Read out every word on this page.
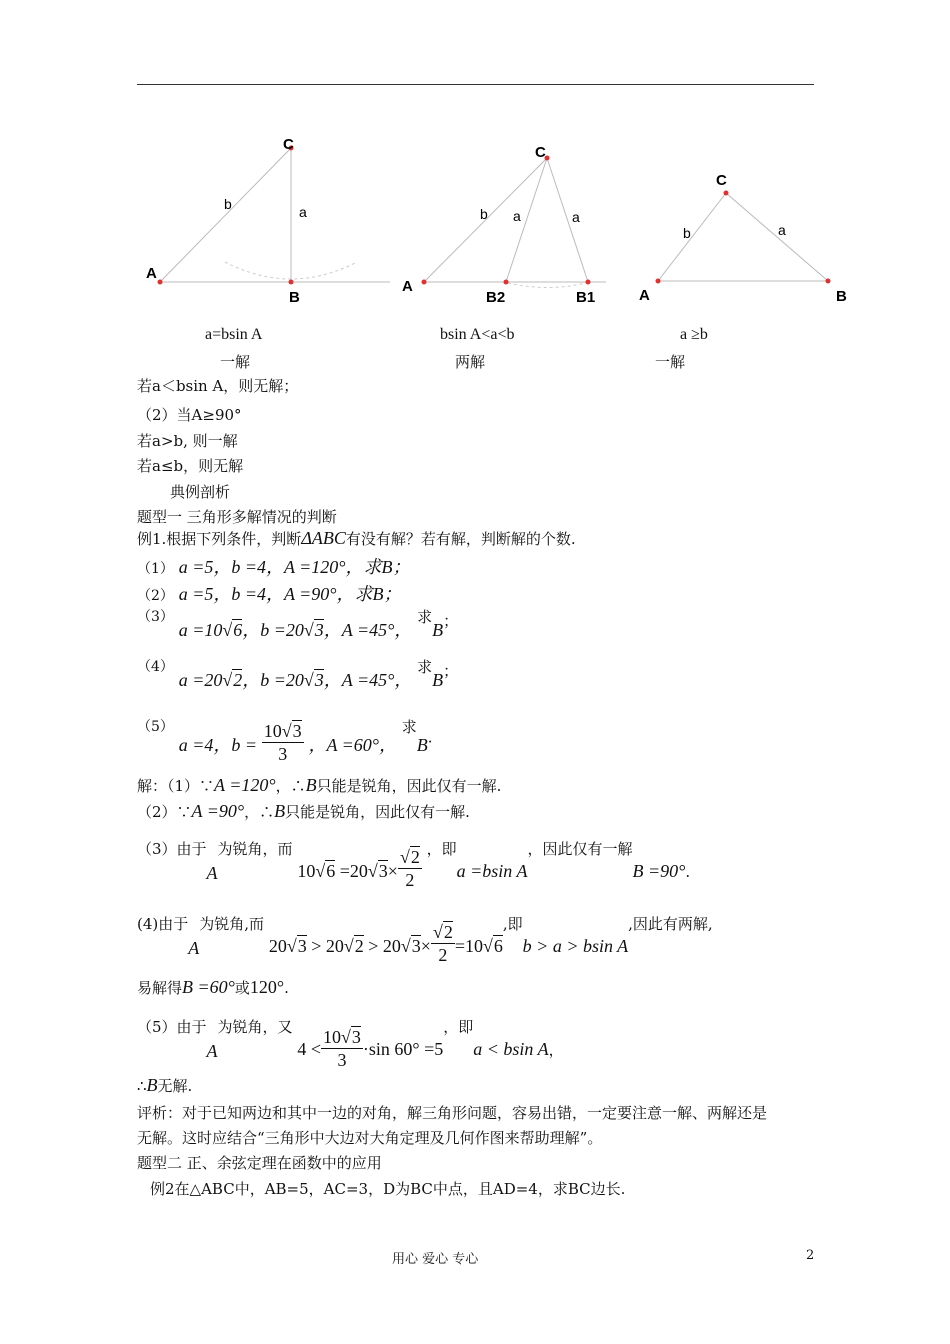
C
b	a
A
B
C
b a	a
A
B2	B1
C
b	a
A	B
a=bsin A
一解
bsin A<a<b
两解
a ≥b
一解
若a＜bsin A，则无解；
（2）当A≥90°
若a>b, 则一解
若a≤b，则无解
典例剖析
题型一 三角形多解情况的判断
例1.根据下列条件，判断ΔABC有没有解？若有解，判断解的个数.
（1） a =5，b =4，A =120°，求B；
（2） a =5，b =4，A =90°，求B；
（3） a =10√6，b =20√3，A =45°， 求B；
（4） a =20√2，b =20√3，A =45°， 求B；
（5） a =4，$b = \frac{10√3}{3}$ ，A =60°， 求B.
解：（1）∵A =120°，∴B只能是锐角，因此仅有一解.
（2）∵A =90°，∴B只能是锐角，因此仅有一解.
（3）由于A为锐角，而 $10√6 =20√3\times \frac{√2}{2}$ ，即a =bsin A，因此仅有一解B =90°.
(4)由于A为锐角,而 $20√3 > 20√2 > 20√3\times \frac{√2}{2} =10√6$,即b > a > bsin A,因此有两解,
易解得B =60°或120°.
（5）由于A为锐角，又 $4 < \frac{10√3}{3} \cdot\sin$ 60° =5，即a < bsin A，
∴B无解.
评析：对于已知两边和其中一边的对角，解三角形问题，容易出错，一定要注意一解、两解还是
无解。这时应结合“三角形中大边对大角定理及几何作图来帮助理解”。
题型二 正、余弦定理在函数中的应用
例2在△ABC中，AB=5，AC=3，D为BC中点，且AD=4，求BC边长.
用心 爱心 专心	2
